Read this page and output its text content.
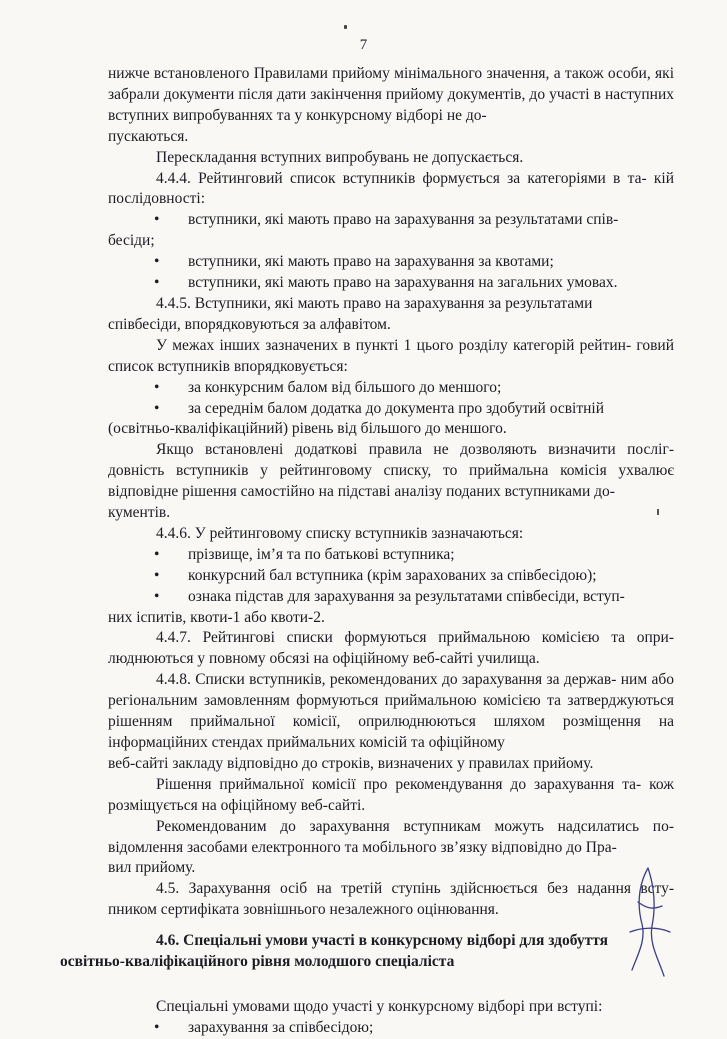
7

нижче встановленого Правилами прийому мінімального значення, а також особи, які забрали документи після дати закінчення прийому документів, до участі в наступних вступних випробуваннях та у конкурсному відборі не до-
пускаються.

Перескладання вступних випробувань не допускається.

4.4.4. Рейтинговий список вступників формується за категоріями в та- кій послідовності:

• вступники, які мають право на зарахування за результатами спів-

бесіди;

• вступники, які мають право на зарахування за квотами;

• вступники, які мають право на зарахування на загальних умовах.

4.4.5. Вступники, які мають право на зарахування за результатами
співбесіди, впорядковуються за алфавітом.

У межах інших зазначених в пункті 1 цього розділу категорій рейтин- говий список вступників впорядковується:

• за конкурсним балом від більшого до меншого;

• за середнім балом додатка до документа про здобутий освітній

(освітньо-кваліфікаційний) рівень від більшого до меншого.

Якщо встановлені додаткові правила не дозволяють визначити посліг- довність вступників у рейтинговому списку, то приймальна комісія ухвалює відповідне рішення самостійно на підставі аналізу поданих вступниками до-
кументів.

4.4.6. У рейтинговому списку вступників зазначаються:

• прізвище, ім’я та по батькові вступника;

• конкурсний бал вступника (крім зарахованих за співбесідою);

• ознака підстав для зарахування за результатами співбесіди, вступ-

них іспитів, квоти-1 або квоти-2.

4.4.7. Рейтингові списки формуються приймальною комісією та опри- люднюються у повному обсязі на офіційному веб-сайті училища.

4.4.8. Списки вступників, рекомендованих до зарахування за держав- ним або регіональним замовленням формуються приймальною комісією та затверджуються рішенням приймальної комісії, оприлюднюються шляхом розміщення на інформаційних стендах приймальних комісій та офіційному
веб-сайті закладу відповідно до строків, визначених у правилах прийому.

Рішення приймальної комісії про рекомендування до зарахування та- кож розміщується на офіційному веб-сайті.

Рекомендованим до зарахування вступникам можуть надсилатись по- відомлення засобами електронного та мобільного зв’язку відповідно до Пра-
вил прийому.

4.5. Зарахування осіб на третій ступінь здійснюється без надання всту- пником сертифіката зовнішнього незалежного оцінювання.

4.6. Спеціальні умови участі в конкурсному відборі для здобуття
освітньо-кваліфікаційного рівня молодшого спеціаліста

Спеціальні умовами щодо участі у конкурсному відборі при вступі:

• зарахування за співбесідою;
